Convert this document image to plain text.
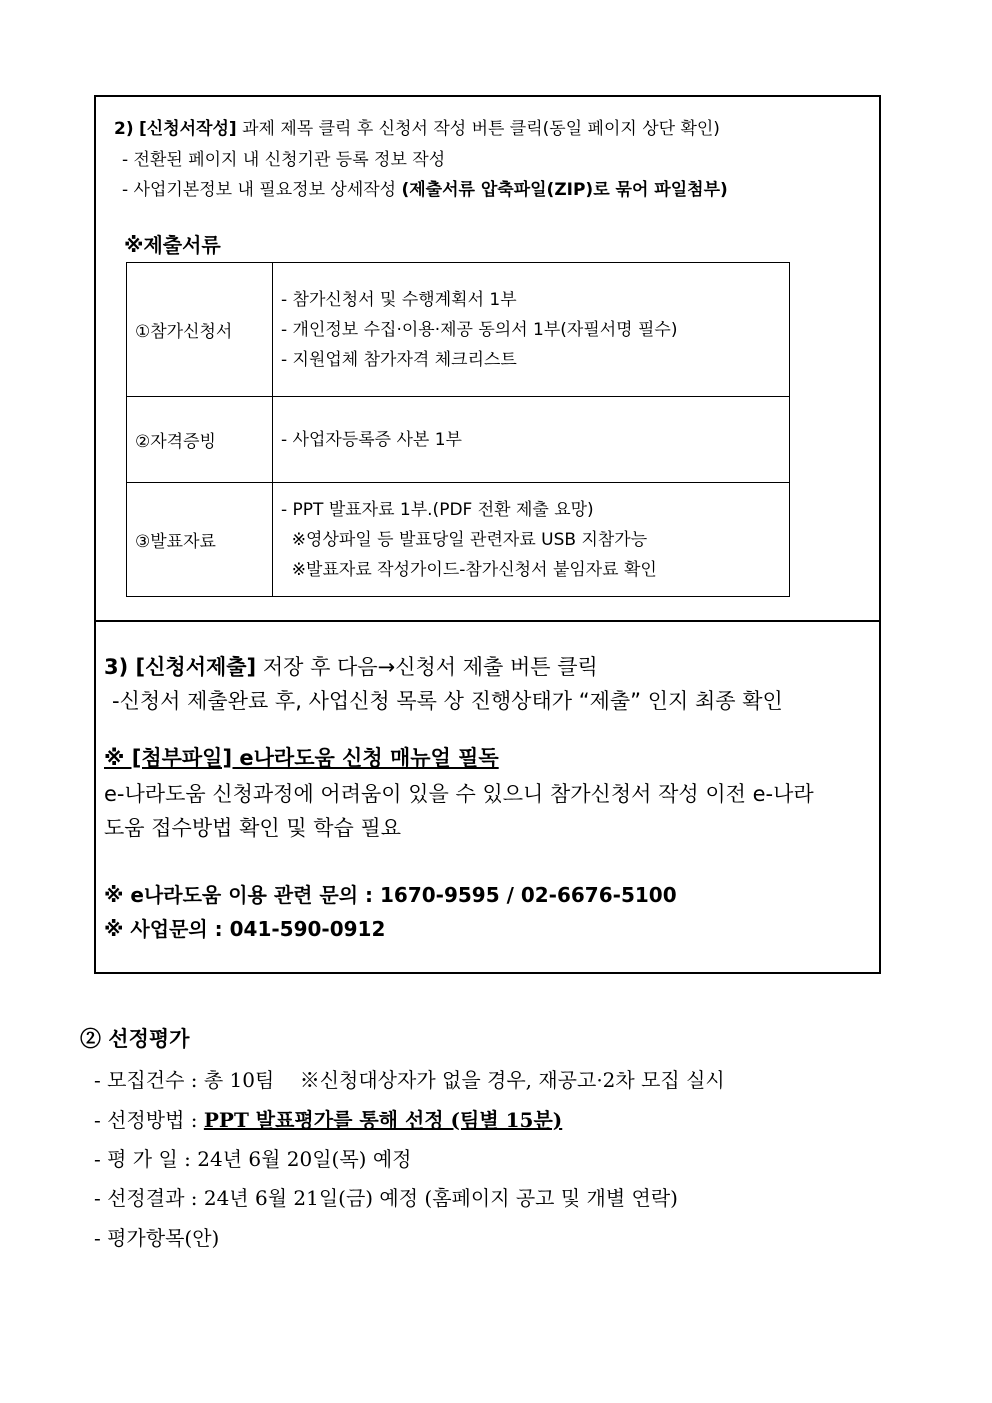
2) [신청서작성] 과제 제목 클릭 후 신청서 작성 버튼 클릭(동일 페이지 상단 확인)
- 전환된 페이지 내 신청기관 등록 정보 작성
- 사업기본정보 내 필요정보 상세작성 (제출서류 압축파일(ZIP)로 묶어 파일첨부)
※제출서류
①참가신청서	- 참가신청서 및 수행계획서 1부
- 개인정보 수집·이용·제공 동의서 1부(자필서명 필수)
- 지원업체 참가자격 체크리스트

②자격증빙	- 사업자등록증 사본 1부

③발표자료	- PPT 발표자료 1부.(PDF 전환 제출 요망)
※영상파일 등 발표당일 관련자료 USB 지참가능
※발표자료 작성가이드-참가신청서 붙임자료 확인
3) [신청서제출] 저장 후 다음→신청서 제출 버튼 클릭
-신청서 제출완료 후, 사업신청 목록 상 진행상태가 “제출” 인지 최종 확인
※ [첨부파일] e나라도움 신청 매뉴얼 필독
e-나라도움 신청과정에 어려움이 있을 수 있으니 참가신청서 작성 이전 e-나라
도움 접수방법 확인 및 학습 필요
※ e나라도움 이용 관련 문의 : 1670-9595 / 02-6676-5100
※ 사업문의 : 041-590-0912
② 선정평가
- 모집건수 : 총 10팀    ※신청대상자가 없을 경우, 재공고·2차 모집 실시
- 선정방법 : PPT 발표평가를 통해 선정 (팀별 15분)
- 평 가 일 : 24년 6월 20일(목) 예정
- 선정결과 : 24년 6월 21일(금) 예정 (홈페이지 공고 및 개별 연락)
- 평가항목(안)
